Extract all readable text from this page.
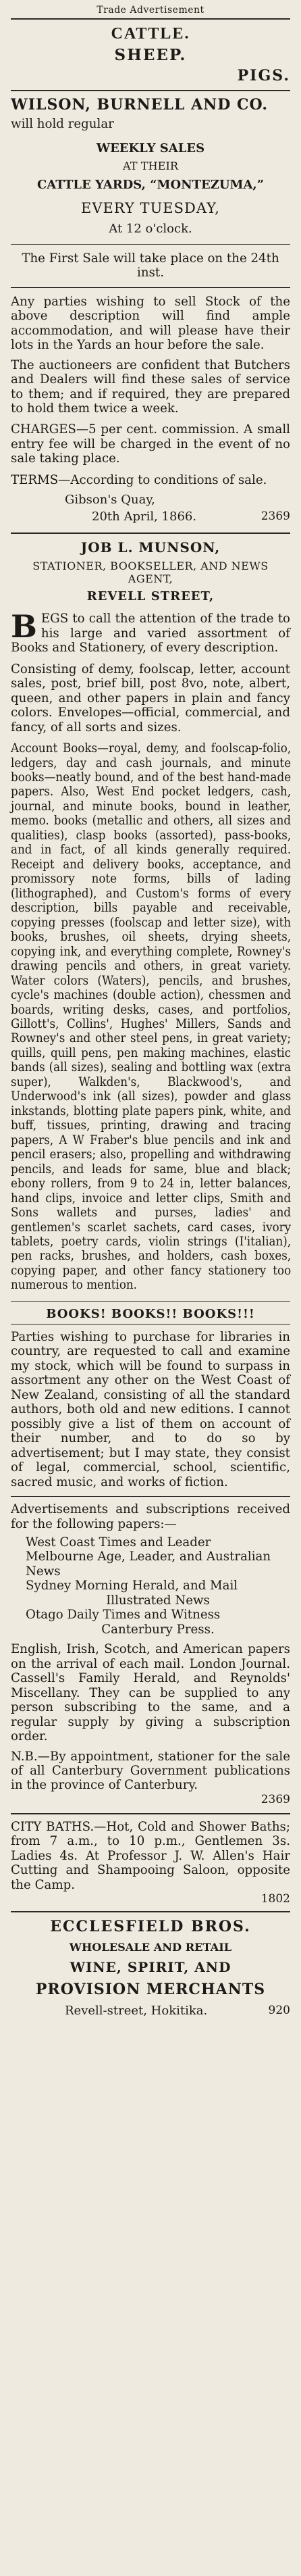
Trade Advertisement
CATTLE.
SHEEP.
PIGS.
WILSON, BURNELL AND CO.
will hold regular
WEEKLY SALES
AT THEIR
CATTLE YARDS, “MONTEZUMA,”
EVERY TUESDAY,
At 12 o'clock.
The First Sale will take place on the 24th inst.
Any parties wishing to sell Stock of the above description will find ample accommodation, and will please have their lots in the Yards an hour before the sale.
The auctioneers are confident that Butchers and Dealers will find these sales of service to them; and if required, they are prepared to hold them twice a week.
CHARGES—5 per cent. commission. A small entry fee will be charged in the event of no sale taking place.
TERMS—According to conditions of sale.
Gibson's Quay,
20th April, 1866.	2369
JOB L. MUNSON,
STATIONER, BOOKSELLER, AND NEWS AGENT,
REVELL STREET,
B EGS to call the attention of the trade to his large and varied assortment of Books and Stationery, of every description.
Consisting of demy, foolscap, letter, account sales, post, brief bill, post 8vo, note, albert, queen, and other papers in plain and fancy colors. Envelopes—official, commercial, and fancy, of all sorts and sizes.
Account Books—royal, demy, and foolscap-folio, ledgers, day and cash journals, and minute books—neatly bound, and of the best hand-made papers. Also, West End pocket ledgers, cash, journal, and minute books, bound in leather, memo. books (metallic and others, all sizes and qualities), clasp books (assorted), pass-books, and in fact, of all kinds generally required. Receipt and delivery books, acceptance, and promissory note forms, bills of lading (lithographed), and Custom's forms of every description, bills payable and receivable, copying presses (foolscap and letter size), with books, brushes, oil sheets, drying sheets, copying ink, and everything complete, Rowney's drawing pencils and others, in great variety. Water colors (Waters), pencils, and brushes, cycle's machines (double action), chessmen and boards, writing desks, cases, and portfolios, Gillott's, Collins', Hughes' Millers, Sands and Rowney's and other steel pens, in great variety; quills, quill pens, pen making machines, elastic bands (all sizes), sealing and bottling wax (extra super), Walkden's, Blackwood's, and Underwood's ink (all sizes), powder and glass inkstands, blotting plate papers pink, white, and buff, tissues, printing, drawing and tracing papers, A W Fraber's blue pencils and ink and pencil erasers; also, propelling and withdrawing pencils, and leads for same, blue and black; ebony rollers, from 9 to 24 in, letter balances, hand clips, invoice and letter clips, Smith and Sons wallets and purses, ladies' and gentlemen's scarlet sachets, card cases, ivory tablets, poetry cards, violin strings (I'italian), pen racks, brushes, and holders, cash boxes, copying paper, and other fancy stationery too numerous to mention.
BOOKS! BOOKS!! BOOKS!!!
Parties wishing to purchase for libraries in country, are requested to call and examine my stock, which will be found to surpass in assortment any other on the West Coast of New Zealand, consisting of all the standard authors, both old and new editions. I cannot possibly give a list of them on account of their number, and to do so by advertisement; but I may state, they consist of legal, commercial, school, scientific, sacred music, and works of fiction.
Advertisements and subscriptions received for the following papers:—
West Coast Times and Leader
Melbourne Age, Leader, and Australian News
Sydney Morning Herald, and Mail
Illustrated News
Otago Daily Times and Witness
Canterbury Press.
English, Irish, Scotch, and American papers on the arrival of each mail. London Journal. Cassell's Family Herald, and Reynolds' Miscellany. They can be supplied to any person subscribing to the same, and a regular supply by giving a subscription order.
N.B.—By appointment, stationer for the sale of all Canterbury Government publications in the province of Canterbury.
2369
CITY BATHS.—Hot, Cold and Shower Baths; from 7 a.m., to 10 p.m., Gentlemen 3s. Ladies 4s. At Professor J. W. Allen's Hair Cutting and Shampooing Saloon, opposite the Camp.
1802
ECCLESFIELD BROS.
WHOLESALE AND RETAIL
WINE, SPIRIT, AND
PROVISION MERCHANTS
Revell-street, Hokitika.	920
